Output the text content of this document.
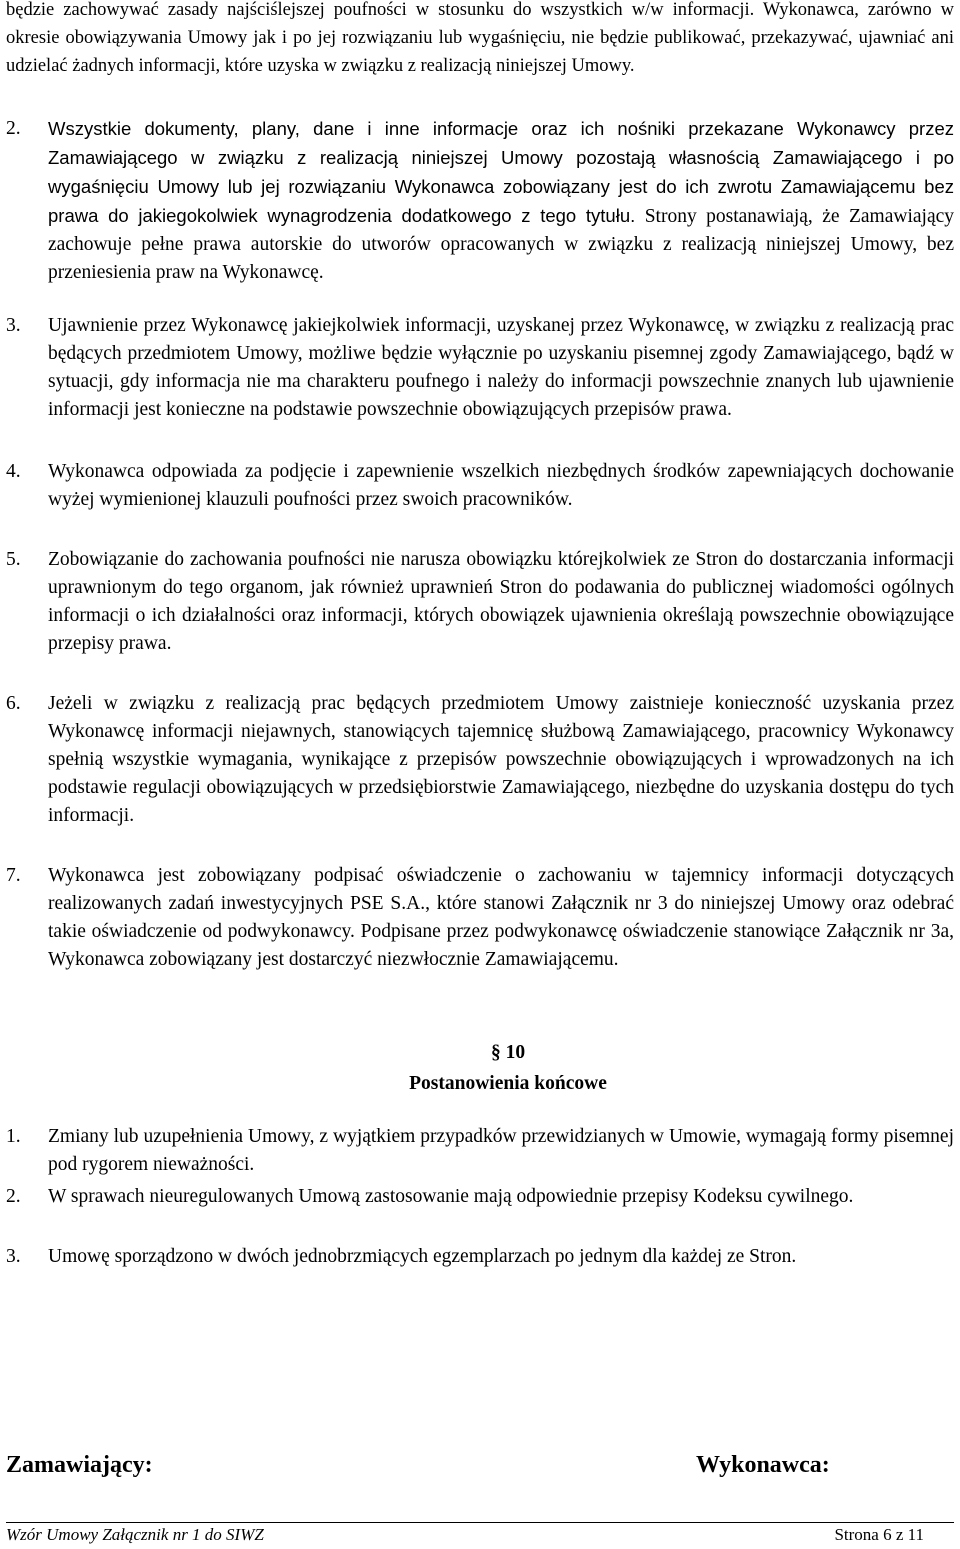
będzie zachowywać zasady najściślejszej poufności w stosunku do wszystkich w/w informacji. Wykonawca, zarówno w okresie obowiązywania Umowy jak i po jej rozwiązaniu lub wygaśnięciu, nie będzie publikować, przekazywać, ujawniać ani udzielać żadnych informacji, które uzyska w związku z realizacją niniejszej Umowy.
2. Wszystkie dokumenty, plany, dane i inne informacje oraz ich nośniki przekazane Wykonawcy przez Zamawiającego w związku z realizacją niniejszej Umowy pozostają własnością Zamawiającego i po wygaśnięciu Umowy lub jej rozwiązaniu Wykonawca zobowiązany jest do ich zwrotu Zamawiającemu bez prawa do jakiegokolwiek wynagrodzenia dodatkowego z tego tytułu. Strony postanawiają, że Zamawiający zachowuje pełne prawa autorskie do utworów opracowanych w związku z realizacją niniejszej Umowy, bez przeniesienia praw na Wykonawcę.
3. Ujawnienie przez Wykonawcę jakiejkolwiek informacji, uzyskanej przez Wykonawcę, w związku z realizacją prac będących przedmiotem Umowy, możliwe będzie wyłącznie po uzyskaniu pisemnej zgody Zamawiającego, bądź w sytuacji, gdy informacja nie ma charakteru poufnego i należy do informacji powszechnie znanych lub ujawnienie informacji jest konieczne na podstawie powszechnie obowiązujących przepisów prawa.
4. Wykonawca odpowiada za podjęcie i zapewnienie wszelkich niezbędnych środków zapewniających dochowanie wyżej wymienionej klauzuli poufności przez swoich pracowników.
5. Zobowiązanie do zachowania poufności nie narusza obowiązku którejkolwiek ze Stron do dostarczania informacji uprawnionym do tego organom, jak również uprawnień Stron do podawania do publicznej wiadomości ogólnych informacji o ich działalności oraz informacji, których obowiązek ujawnienia określają powszechnie obowiązujące przepisy prawa.
6. Jeżeli w związku z realizacją prac będących przedmiotem Umowy zaistnieje konieczność uzyskania przez Wykonawcę informacji niejawnych, stanowiących tajemnicę służbową Zamawiającego, pracownicy Wykonawcy spełnią wszystkie wymagania, wynikające z przepisów powszechnie obowiązujących i wprowadzonych na ich podstawie regulacji obowiązujących w przedsiębiorstwie Zamawiającego, niezbędne do uzyskania dostępu do tych informacji.
7. Wykonawca jest zobowiązany podpisać oświadczenie o zachowaniu w tajemnicy informacji dotyczących realizowanych zadań inwestycyjnych PSE S.A., które stanowi Załącznik nr 3 do niniejszej Umowy oraz odebrać takie oświadczenie od podwykonawcy. Podpisane przez podwykonawcę oświadczenie stanowiące Załącznik nr 3a, Wykonawca zobowiązany jest dostarczyć niezwłocznie Zamawiającemu.
§ 10
Postanowienia końcowe
1. Zmiany lub uzupełnienia Umowy, z wyjątkiem przypadków przewidzianych w Umowie, wymagają formy pisemnej pod rygorem nieważności.
2. W sprawach nieuregulowanych Umową zastosowanie mają odpowiednie przepisy Kodeksu cywilnego.
3. Umowę sporządzono w dwóch jednobrzmiących egzemplarzach po jednym dla każdej ze Stron.
Zamawiający:	Wykonawca:
Wzór Umowy Załącznik nr 1 do SIWZ	Strona 6 z 11
